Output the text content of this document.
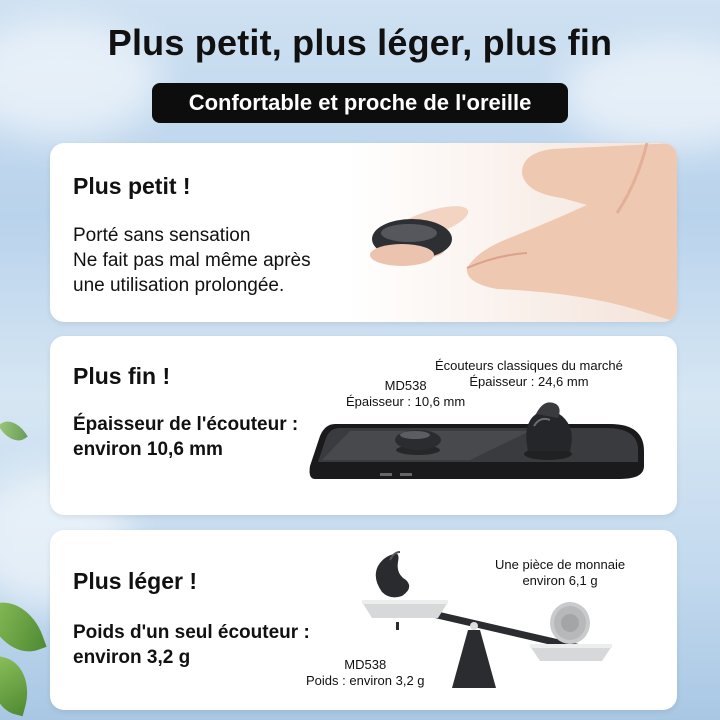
Plus petit, plus léger, plus fin
Confortable et proche de l'oreille
Plus petit !
Porté sans sensation
Ne fait pas mal même après
une utilisation prolongée.
Plus fin !
Épaisseur de l'écouteur :
environ 10,6 mm
MD538
Épaisseur : 10,6 mm
Écouteurs classiques du marché
Épaisseur : 24,6 mm
Plus léger !
Poids d'un seul écouteur :
environ 3,2 g
Une pièce de monnaie
environ 6,1 g
MD538
Poids : environ 3,2 g
